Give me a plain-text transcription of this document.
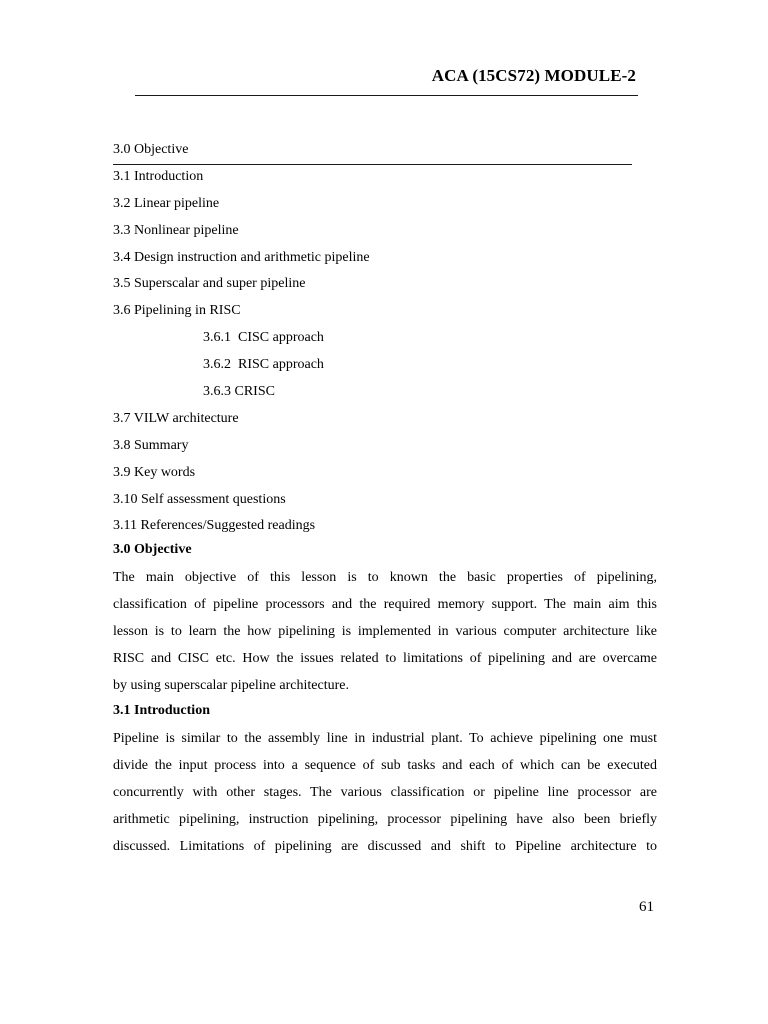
ACA (15CS72) MODULE-2
3.0 Objective
3.1 Introduction
3.2 Linear pipeline
3.3 Nonlinear pipeline
3.4 Design instruction and arithmetic pipeline
3.5 Superscalar and super pipeline
3.6 Pipelining in RISC
3.6.1  CISC approach
3.6.2  RISC approach
3.6.3 CRISC
3.7 VILW architecture
3.8 Summary
3.9 Key words
3.10 Self assessment questions
3.11 References/Suggested readings
3.0 Objective
The main objective of this lesson is to known the basic properties of pipelining,
classification of pipeline processors and the required memory support. The main aim this
lesson is to learn the how pipelining is implemented in various computer architecture like
RISC and CISC etc. How the issues related to limitations of pipelining and are overcame
by using superscalar pipeline architecture.
3.1 Introduction
Pipeline is similar to the assembly line in industrial plant. To achieve pipelining one must
divide the input process into a sequence of sub tasks and each of which can be executed
concurrently with other stages. The various classification or pipeline line processor are
arithmetic pipelining, instruction pipelining, processor pipelining have also been briefly
discussed. Limitations of pipelining are discussed and shift to Pipeline architecture to
61
